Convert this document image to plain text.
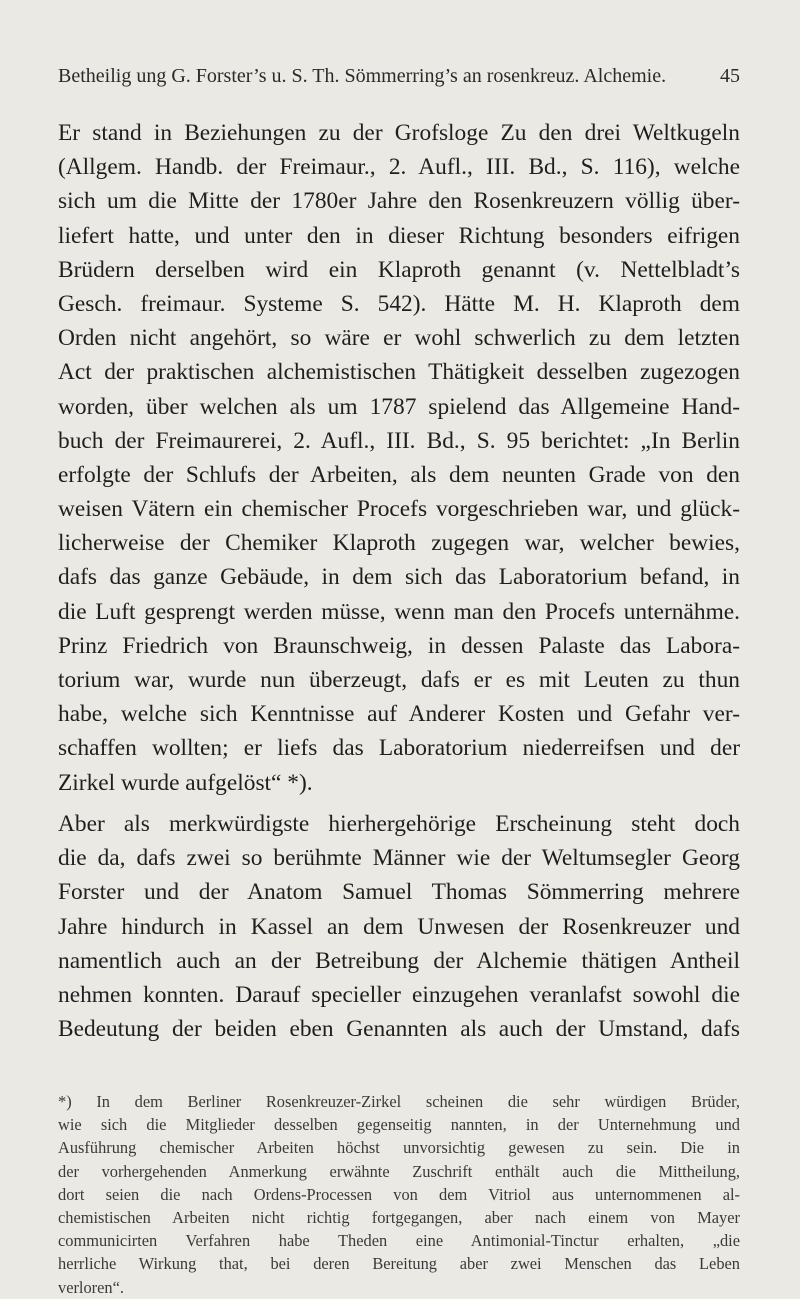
Betheilig ung G. Forster’s u. S. Th. Sömmerring’s an rosenkreuz. Alchemie.	45
Er stand in Beziehungen zu der Grofsloge Zu den drei Weltkugeln
(Allgem. Handb. der Freimaur., 2. Aufl., III. Bd., S. 116), welche
sich um die Mitte der 1780er Jahre den Rosenkreuzern völlig über-
liefert hatte, und unter den in dieser Richtung besonders eifrigen
Brüdern derselben wird ein Klaproth genannt (v. Nettelbladt’s
Gesch. freimaur. Systeme S. 542). Hätte M. H. Klaproth dem
Orden nicht angehört, so wäre er wohl schwerlich zu dem letzten
Act der praktischen alchemistischen Thätigkeit desselben zugezogen
worden, über welchen als um 1787 spielend das Allgemeine Hand-
buch der Freimaurerei, 2. Aufl., III. Bd., S. 95 berichtet: „In Berlin
erfolgte der Schlufs der Arbeiten, als dem neunten Grade von den
weisen Vätern ein chemischer Procefs vorgeschrieben war, und glück-
licherweise der Chemiker Klaproth zugegen war, welcher bewies,
dafs das ganze Gebäude, in dem sich das Laboratorium befand, in
die Luft gesprengt werden müsse, wenn man den Procefs unternähme.
Prinz Friedrich von Braunschweig, in dessen Palaste das Labora-
torium war, wurde nun überzeugt, dafs er es mit Leuten zu thun
habe, welche sich Kenntnisse auf Anderer Kosten und Gefahr ver-
schaffen wollten; er liefs das Laboratorium niederreifsen und der
Zirkel wurde aufgelöst“ *).
Aber als merkwürdigste hierhergehörige Erscheinung steht doch
die da, dafs zwei so berühmte Männer wie der Weltumsegler Georg
Forster und der Anatom Samuel Thomas Sömmerring mehrere
Jahre hindurch in Kassel an dem Unwesen der Rosenkreuzer und
namentlich auch an der Betreibung der Alchemie thätigen Antheil
nehmen konnten. Darauf specieller einzugehen veranlafst sowohl die
Bedeutung der beiden eben Genannten als auch der Umstand, dafs
*) In dem Berliner Rosenkreuzer-Zirkel scheinen die sehr würdigen Brüder,
wie sich die Mitglieder desselben gegenseitig nannten, in der Unternehmung und
Ausführung chemischer Arbeiten höchst unvorsichtig gewesen zu sein. Die in
der vorhergehenden Anmerkung erwähnte Zuschrift enthält auch die Mittheilung,
dort seien die nach Ordens-Processen von dem Vitriol aus unternommenen al-
chemistischen Arbeiten nicht richtig fortgegangen, aber nach einem von Mayer
communicirten Verfahren habe Theden eine Antimonial-Tinctur erhalten, „die
herrliche Wirkung that, bei deren Bereitung aber zwei Menschen das Leben
verloren“.
